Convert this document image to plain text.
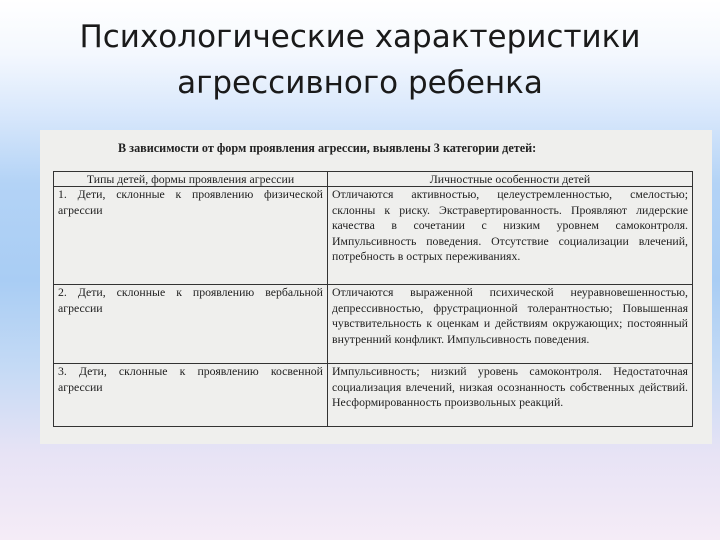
Психологические характеристики
агрессивного ребенка
В зависимости от форм проявления агрессии, выявлены 3 категории детей:
Типы детей, формы проявления агрессии	Личностные особенности детей

1. Дети, склонные к проявлению физической агрессии	Отличаются активностью, целеустремленностью, смелостью; склонны к риску. Экстравертированность. Проявляют лидерские качества в сочетании с низким уровнем самоконтроля. Импульсивность поведения. Отсутствие социализации влечений, потребность в острых переживаниях.

2. Дети, склонные к проявлению вербальной агрессии	Отличаются выраженной психической неуравновешенностью, депрессивностью, фрустрационной толерантностью; Повышенная чувствительность к оценкам и действиям окружающих; постоянный внутренний конфликт. Импульсивность поведения.

3. Дети, склонные к проявлению косвенной агрессии	Импульсивность; низкий уровень самоконтроля. Недостаточная социализация влечений, низкая осознанность собственных действий. Несформированность произвольных реакций.
